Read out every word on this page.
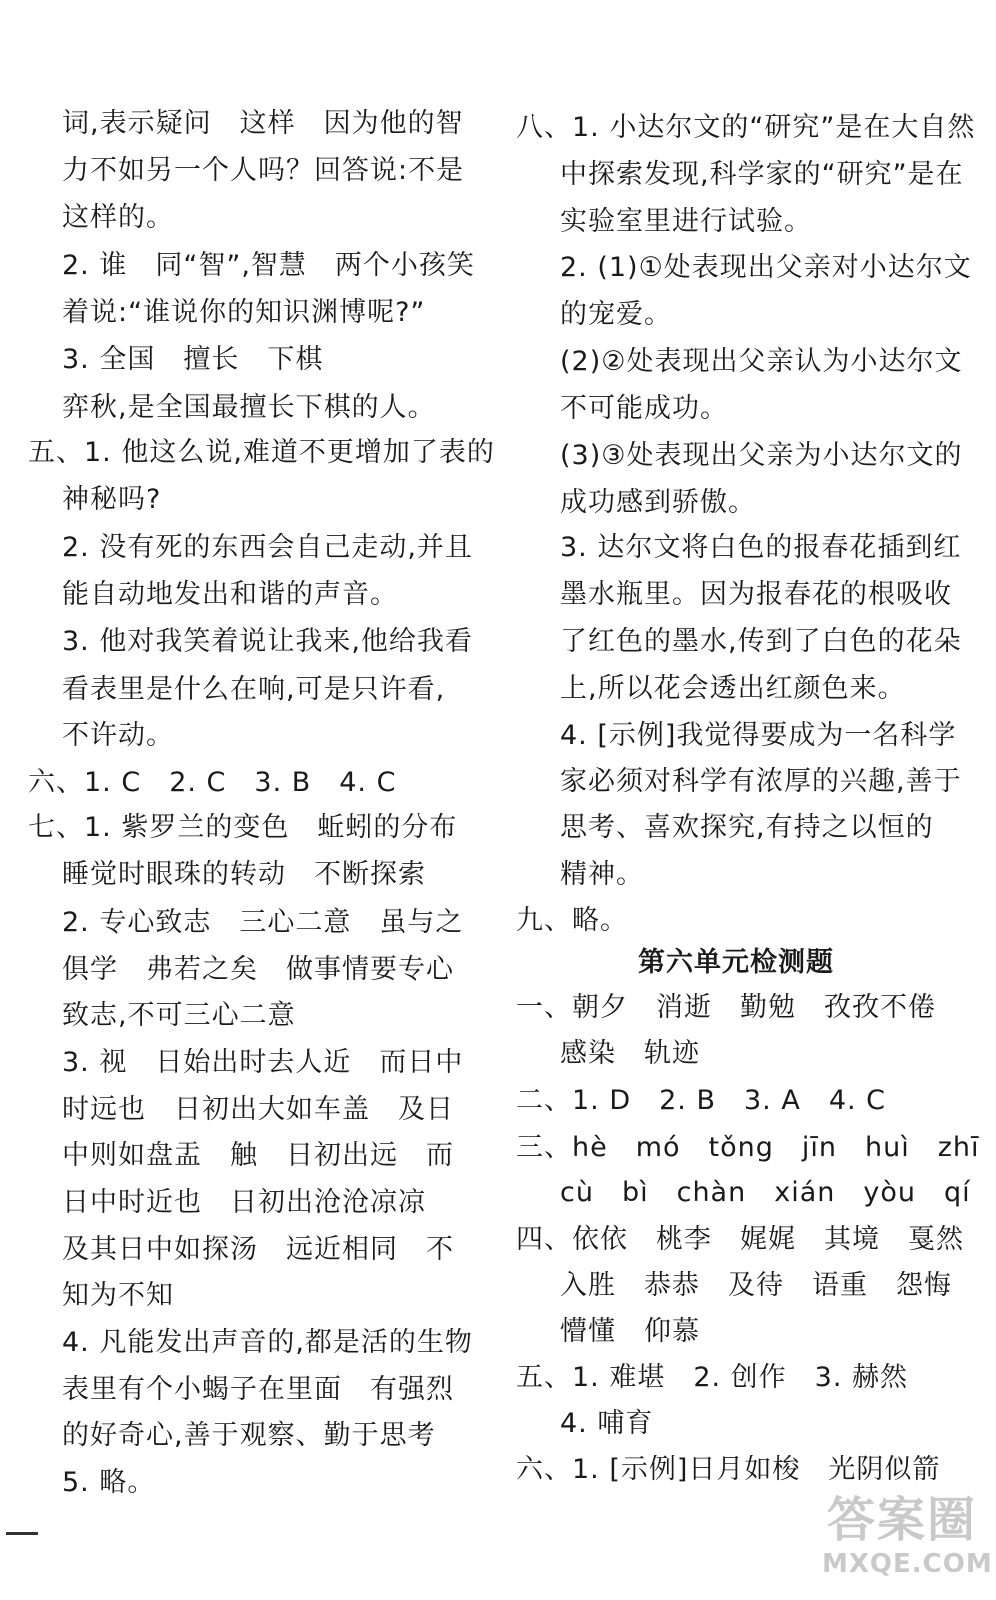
词,表示疑问　这样　因为他的智
力不如另一个人吗？回答说:不是
这样的。
2. 谁　同“智”,智慧　两个小孩笑
着说:“谁说你的知识渊博呢?”
3. 全国　擅长　下棋
弈秋,是全国最擅长下棋的人。
五、1. 他这么说,难道不更增加了表的
神秘吗?
2. 没有死的东西会自己走动,并且
能自动地发出和谐的声音。
3. 他对我笑着说让我来,他给我看
看表里是什么在响,可是只许看,
不许动。
六、1. C　2. C　3. B　4. C
七、1. 紫罗兰的变色　蚯蚓的分布
睡觉时眼珠的转动　不断探索
2. 专心致志　三心二意　虽与之
俱学　弗若之矣　做事情要专心
致志,不可三心二意
3. 视　日始出时去人近　而日中
时远也　日初出大如车盖　及日
中则如盘盂　触　日初出远　而
日中时近也　日初出沧沧凉凉
及其日中如探汤　远近相同　不
知为不知
4. 凡能发出声音的,都是活的生物
表里有个小蝎子在里面　有强烈
的好奇心,善于观察、勤于思考
5. 略。
八、1. 小达尔文的“研究”是在大自然
中探索发现,科学家的“研究”是在
实验室里进行试验。
2. (1)①处表现出父亲对小达尔文
的宠爱。
(2)②处表现出父亲认为小达尔文
不可能成功。
(3)③处表现出父亲为小达尔文的
成功感到骄傲。
3. 达尔文将白色的报春花插到红
墨水瓶里。因为报春花的根吸收
了红色的墨水,传到了白色的花朵
上,所以花会透出红颜色来。
4. [示例]我觉得要成为一名科学
家必须对科学有浓厚的兴趣,善于
思考、喜欢探究,有持之以恒的
精神。
九、略。
第六单元检测题
一、朝夕　消逝　勤勉　孜孜不倦
感染　轨迹
二、1. D　2. B　3. A　4. C
三、hè　mó　tǒng　jīn　huì　zhī
cù　bì　chàn　xián　yòu　qí
四、依依　桃李　娓娓　其境　戛然
入胜　恭恭　及待　语重　怨悔
懵懂　仰慕
五、1. 难堪　2. 创作　3. 赫然
4. 哺育
六、1. [示例]日月如梭　光阴似箭
答案圈
MXQE.COM
